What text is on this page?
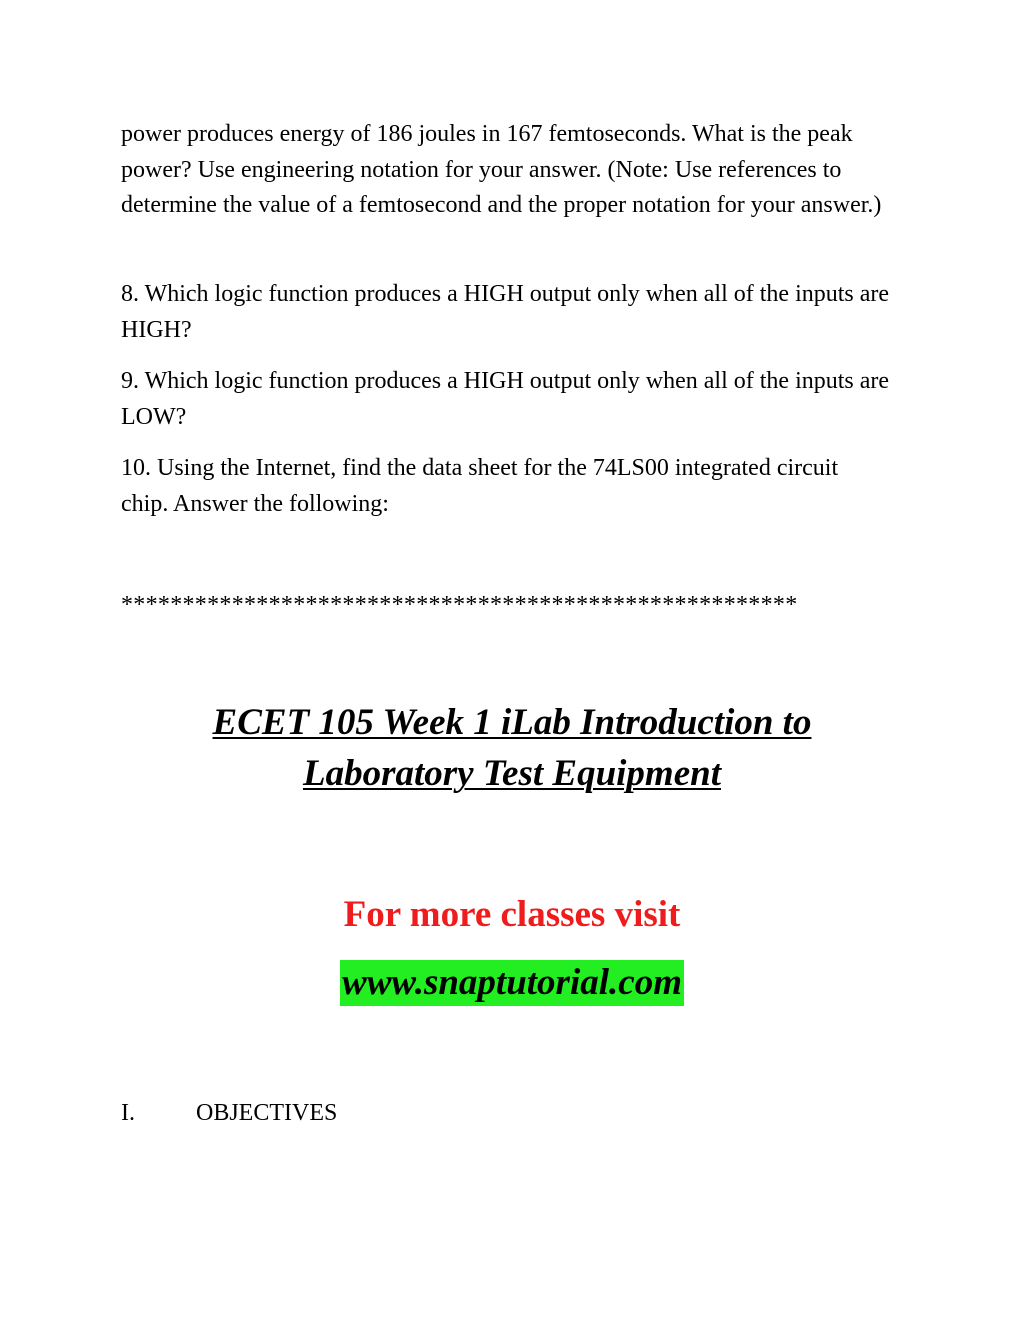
power produces energy of 186 joules in 167 femtoseconds. What is the peak power? Use engineering notation for your answer. (Note: Use references to determine the value of a femtosecond and the proper notation for your answer.)

8. Which logic function produces a HIGH output only when all of the inputs are HIGH?

9. Which logic function produces a HIGH output only when all of the inputs are LOW?

10. Using the Internet, find the data sheet for the 74LS00 integrated circuit chip. Answer the following:

*******************************************************
ECET 105 Week 1 iLab Introduction to
Laboratory Test Equipment
For more classes visit
www.snaptutorial.com
I.	OBJECTIVES
